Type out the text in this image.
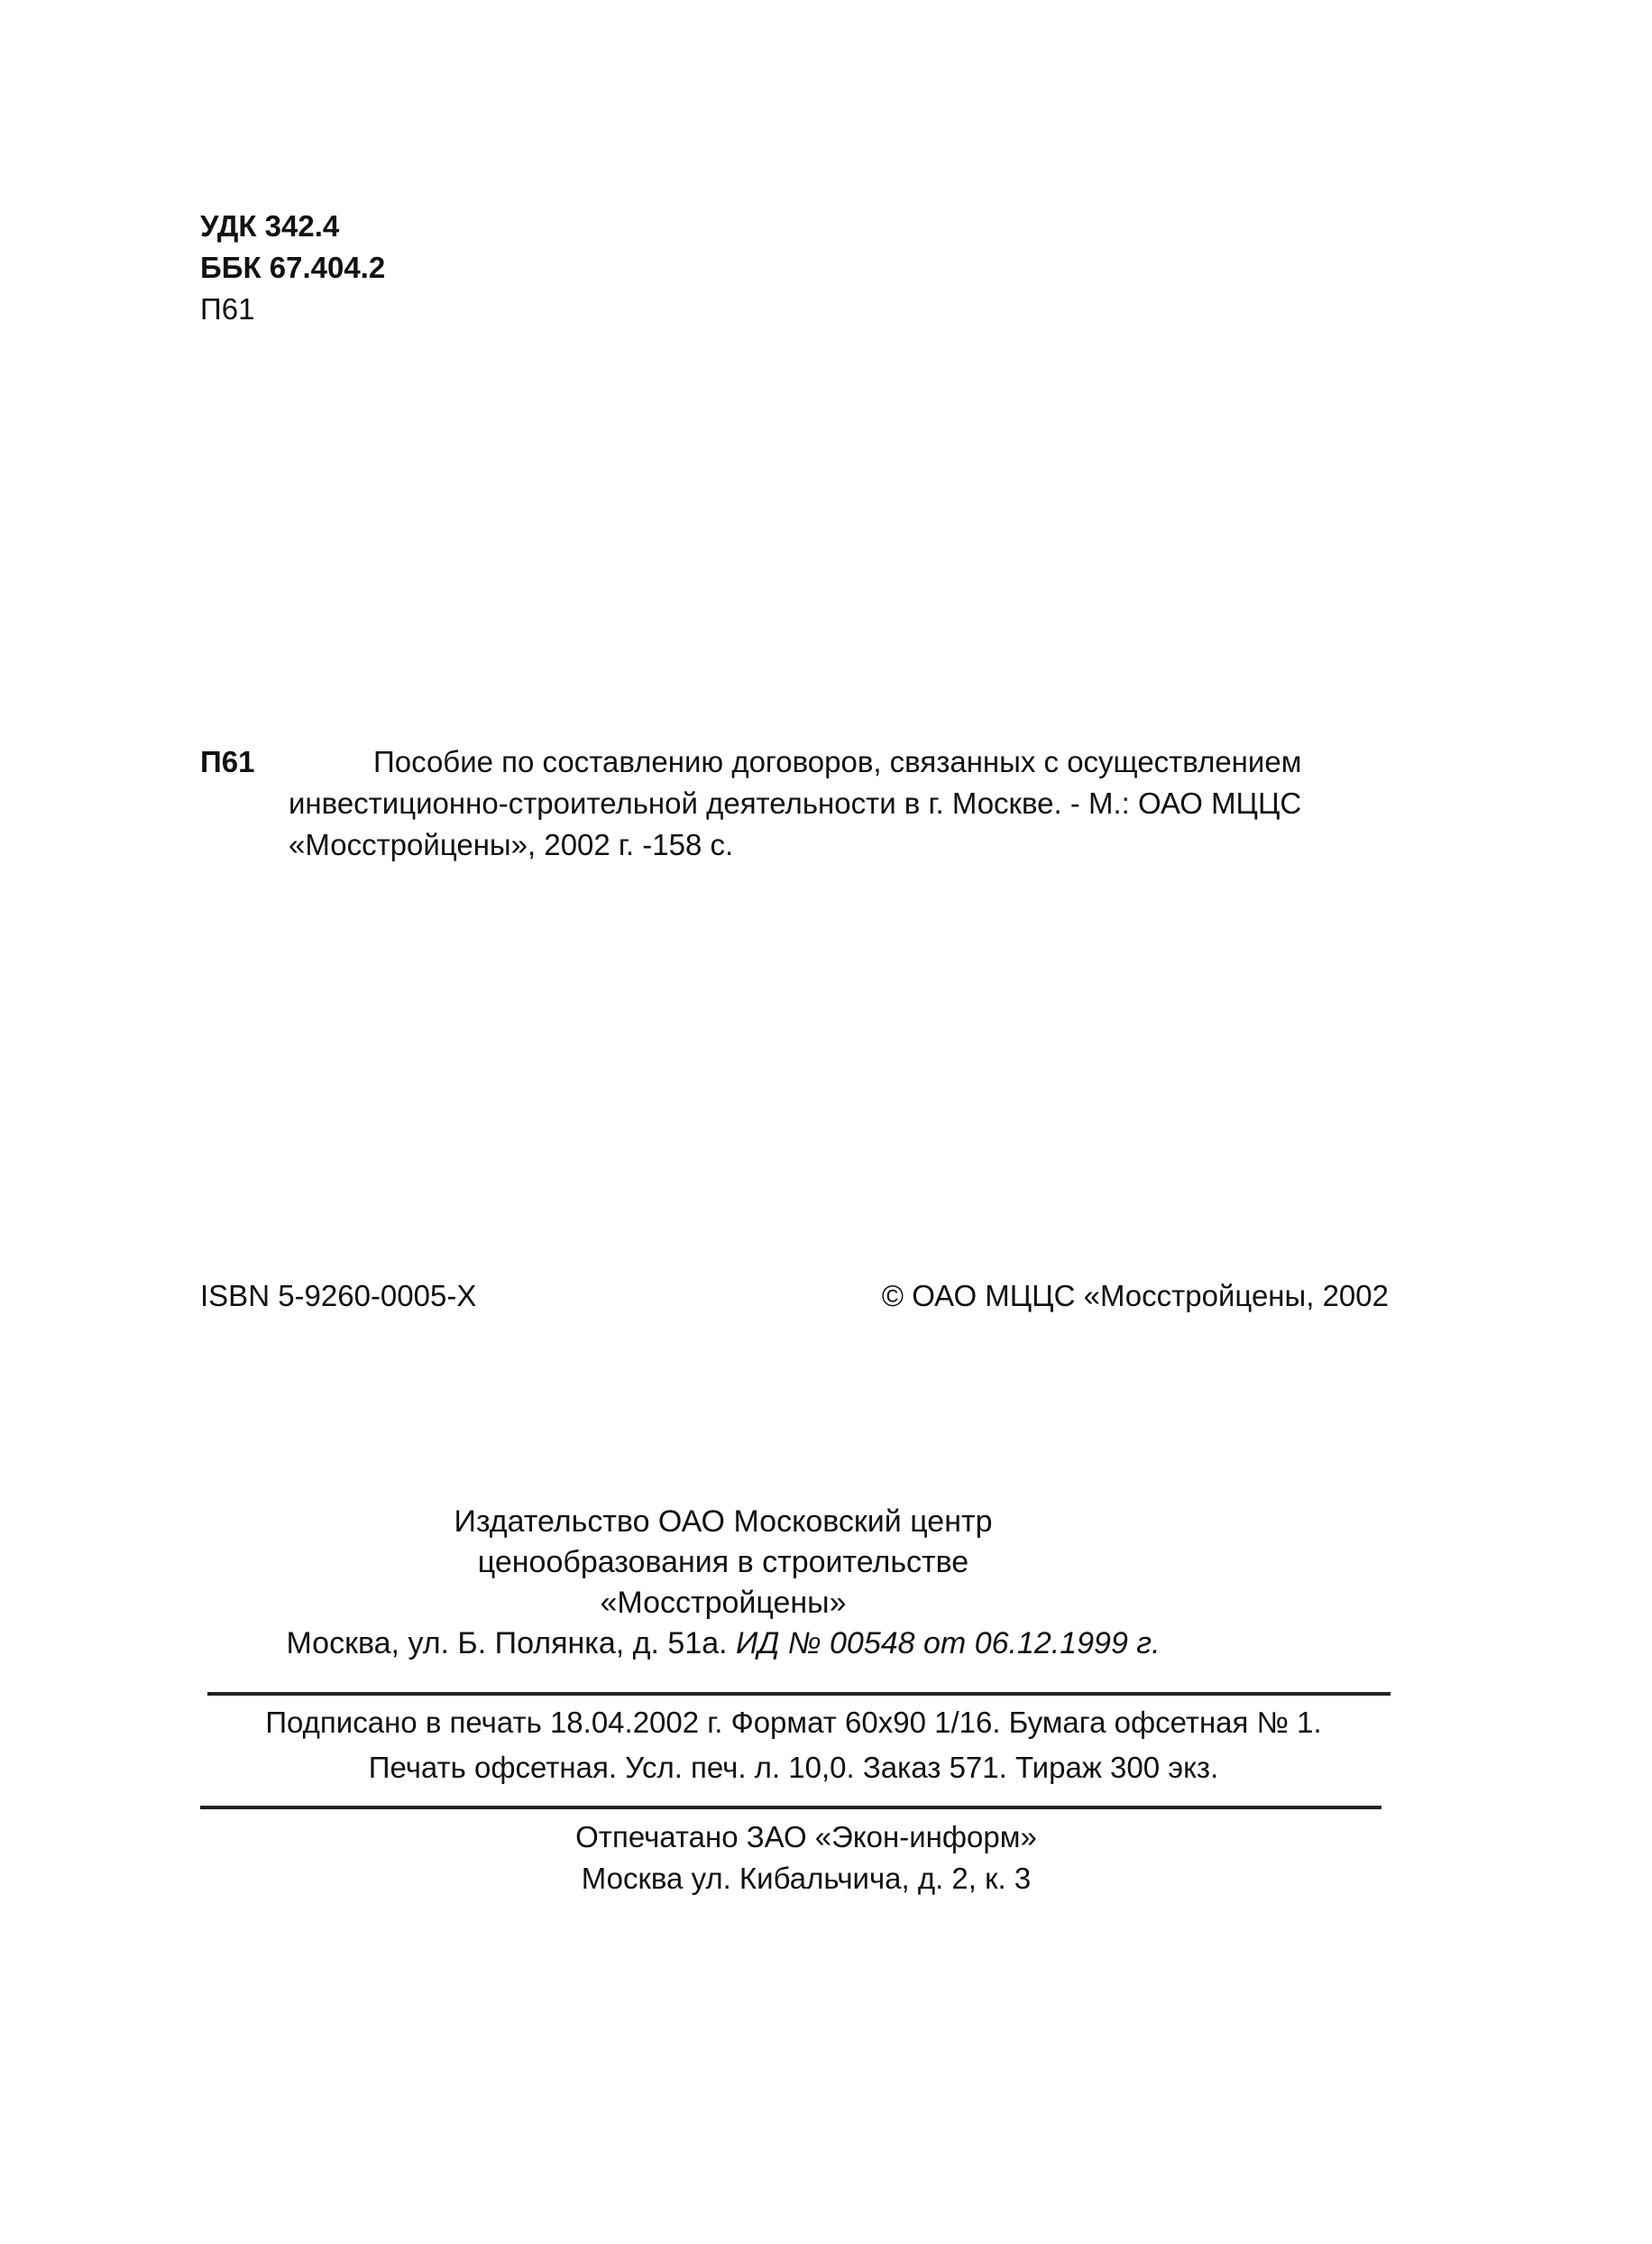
УДК 342.4
ББК 67.404.2
П61
П61	Пособие по составлению договоров, связанных с осуществлением
инвестиционно-строительной деятельности в г. Москве. - М.: ОАО МЦЦС
«Мосстройцены», 2002 г. -158 с.
ISBN 5-9260-0005-Х	© ОАО МЦЦС «Мосстройцены, 2002
Издательство ОАО Московский центр
ценообразования в строительстве
«Мосстройцены»
Москва, ул. Б. Полянка, д. 51а. ИД № 00548 от 06.12.1999 г.
Подписано в печать 18.04.2002 г. Формат 60х90 1/16. Бумага офсетная № 1.
Печать офсетная. Усл. печ. л. 10,0. Заказ 571. Тираж 300 экз.
Отпечатано ЗАО «Экон-информ»
Москва ул. Кибальчича, д. 2, к. 3
